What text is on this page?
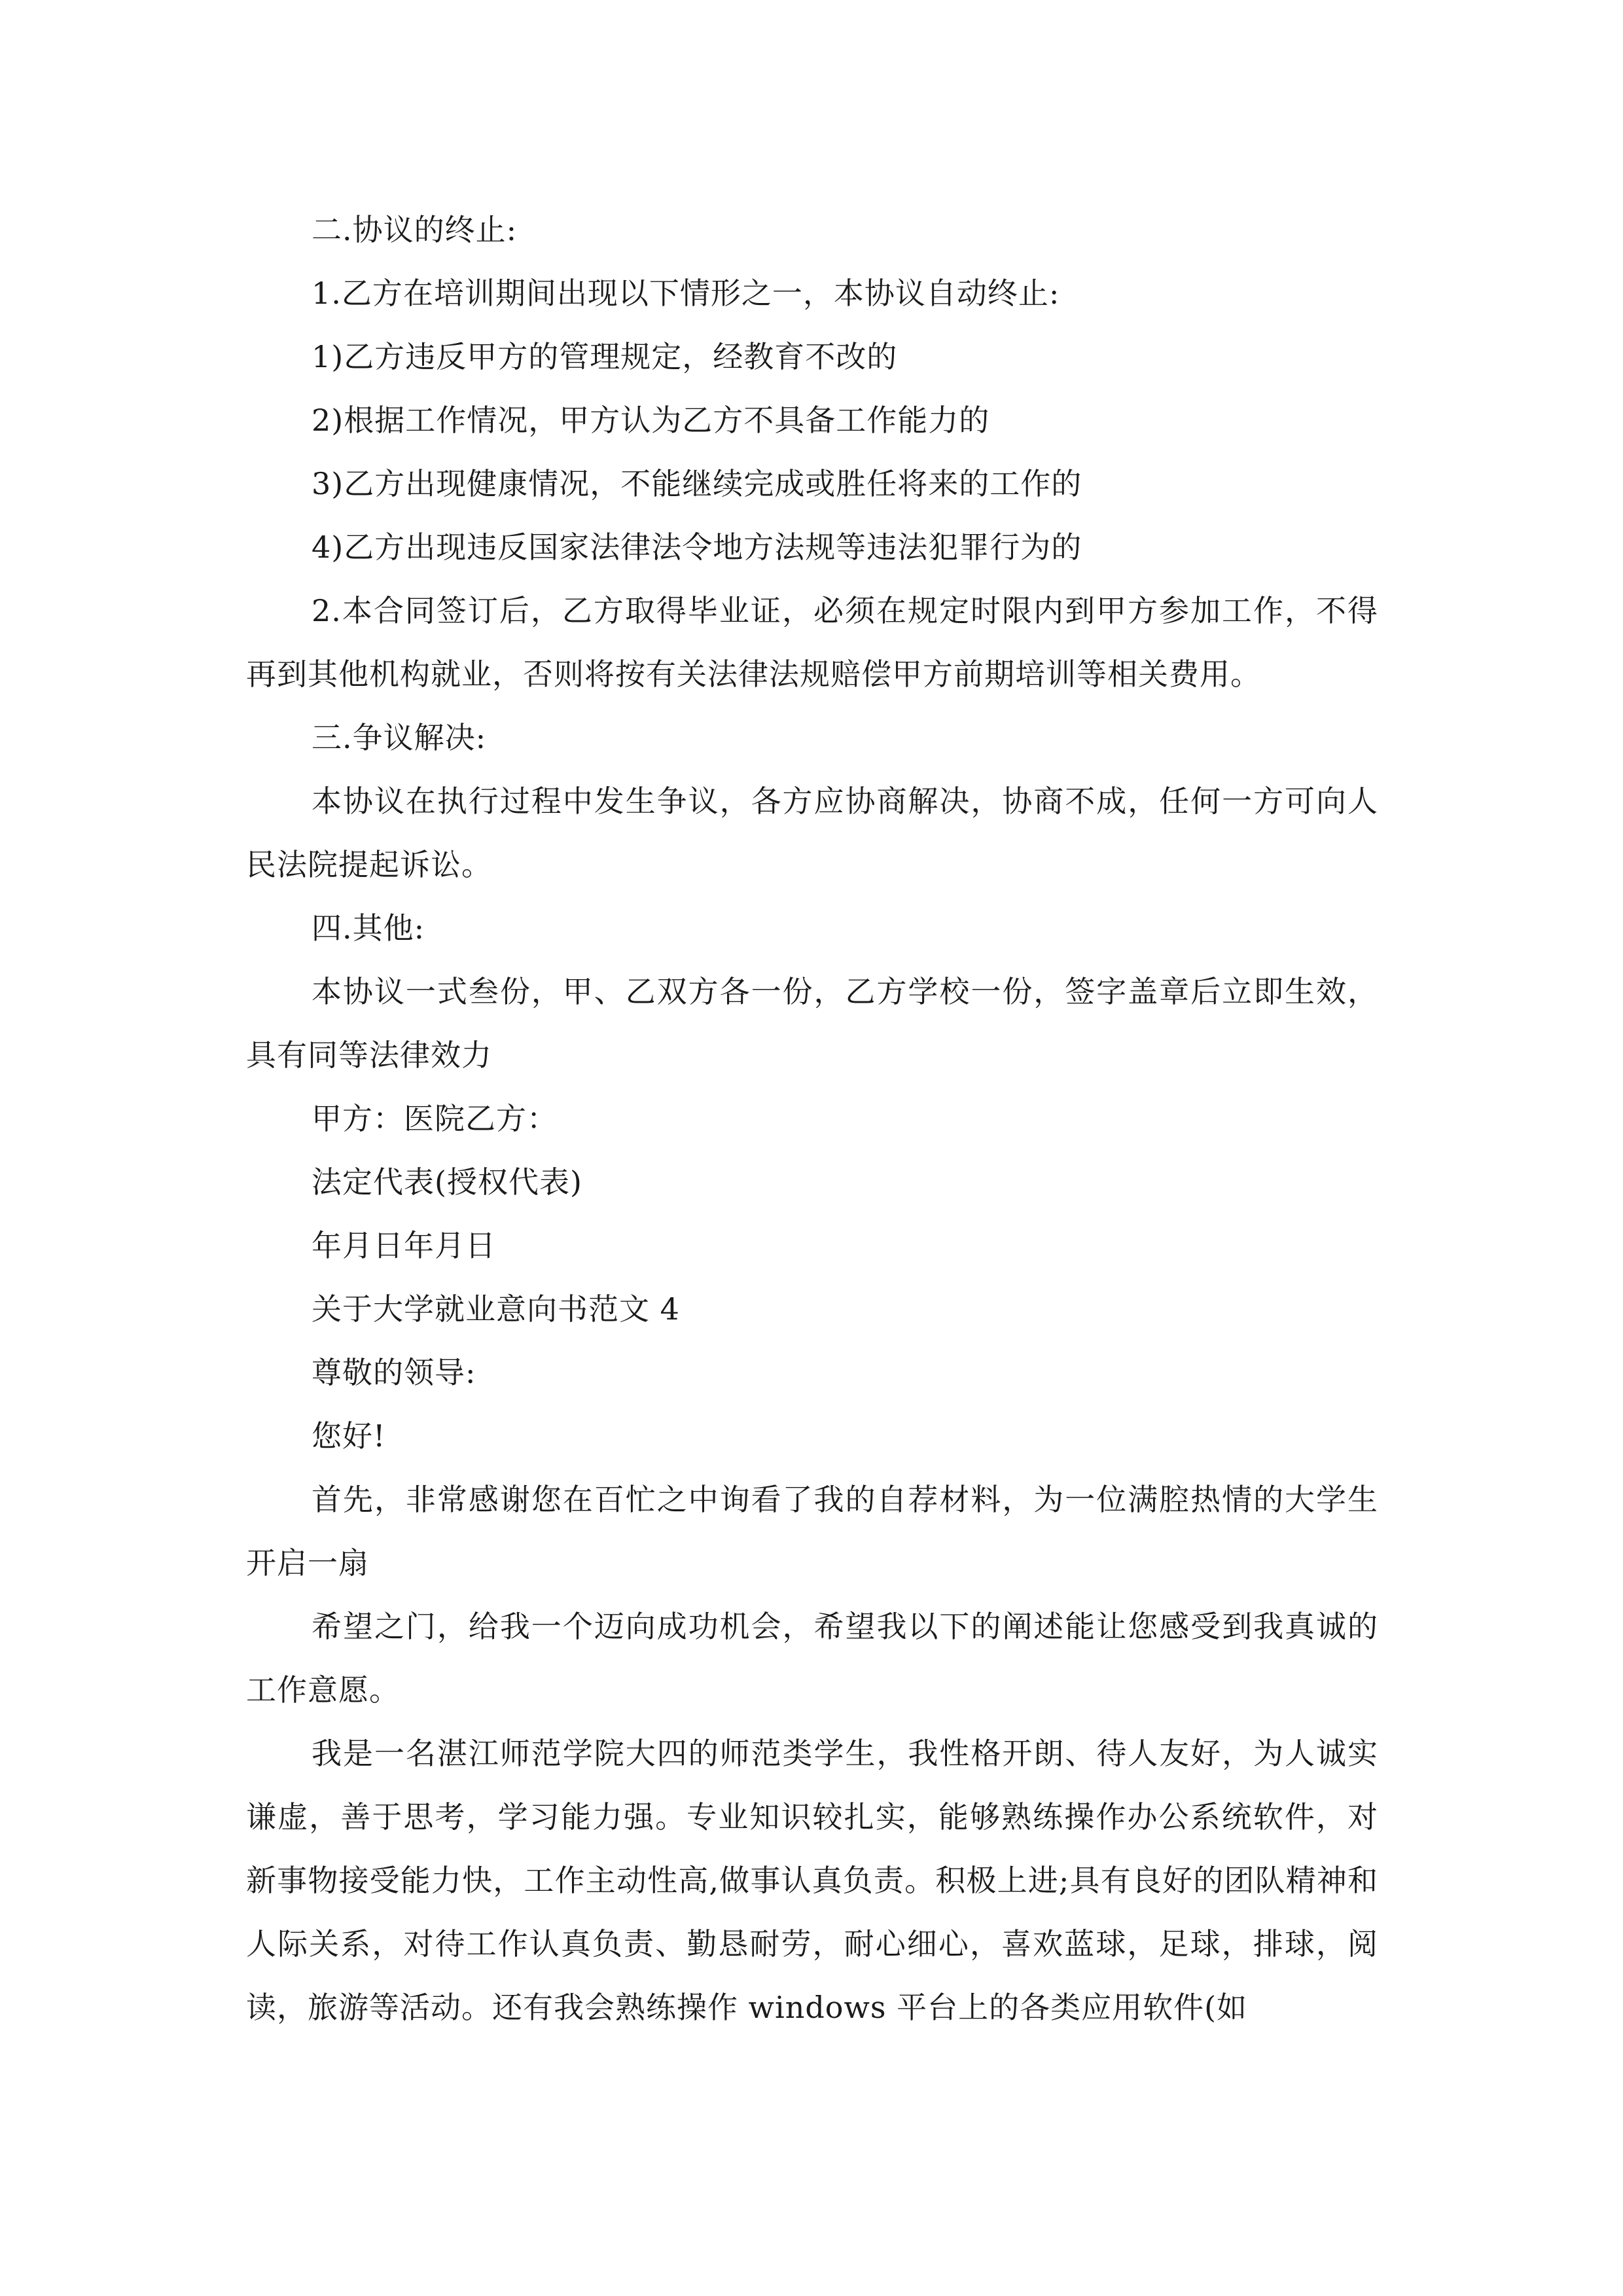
二.协议的终止:

1.乙方在培训期间出现以下情形之一，本协议自动终止:

1)乙方违反甲方的管理规定，经教育不改的

2)根据工作情况，甲方认为乙方不具备工作能力的

3)乙方出现健康情况，不能继续完成或胜任将来的工作的

4)乙方出现违反国家法律法令地方法规等违法犯罪行为的

2.本合同签订后，乙方取得毕业证，必须在规定时限内到甲方参加工作，不得再到其他机构就业，否则将按有关法律法规赔偿甲方前期培训等相关费用。

三.争议解决:

本协议在执行过程中发生争议，各方应协商解决，协商不成，任何一方可向人民法院提起诉讼。

四.其他:

本协议一式叁份，甲、乙双方各一份，乙方学校一份，签字盖章后立即生效，具有同等法律效力

甲方：医院乙方：

法定代表(授权代表)

年月日年月日

关于大学就业意向书范文 4

尊敬的领导:

您好!

首先，非常感谢您在百忙之中询看了我的自荐材料，为一位满腔热情的大学生开启一扇

希望之门，给我一个迈向成功机会，希望我以下的阐述能让您感受到我真诚的工作意愿。

我是一名湛江师范学院大四的师范类学生，我性格开朗、待人友好，为人诚实谦虚，善于思考，学习能力强。专业知识较扎实，能够熟练操作办公系统软件，对新事物接受能力快，工作主动性高,做事认真负责。积极上进;具有良好的团队精神和人际关系，对待工作认真负责、勤恳耐劳，耐心细心，喜欢蓝球，足球，排球，阅读，旅游等活动。还有我会熟练操作 windows 平台上的各类应用软件(如
